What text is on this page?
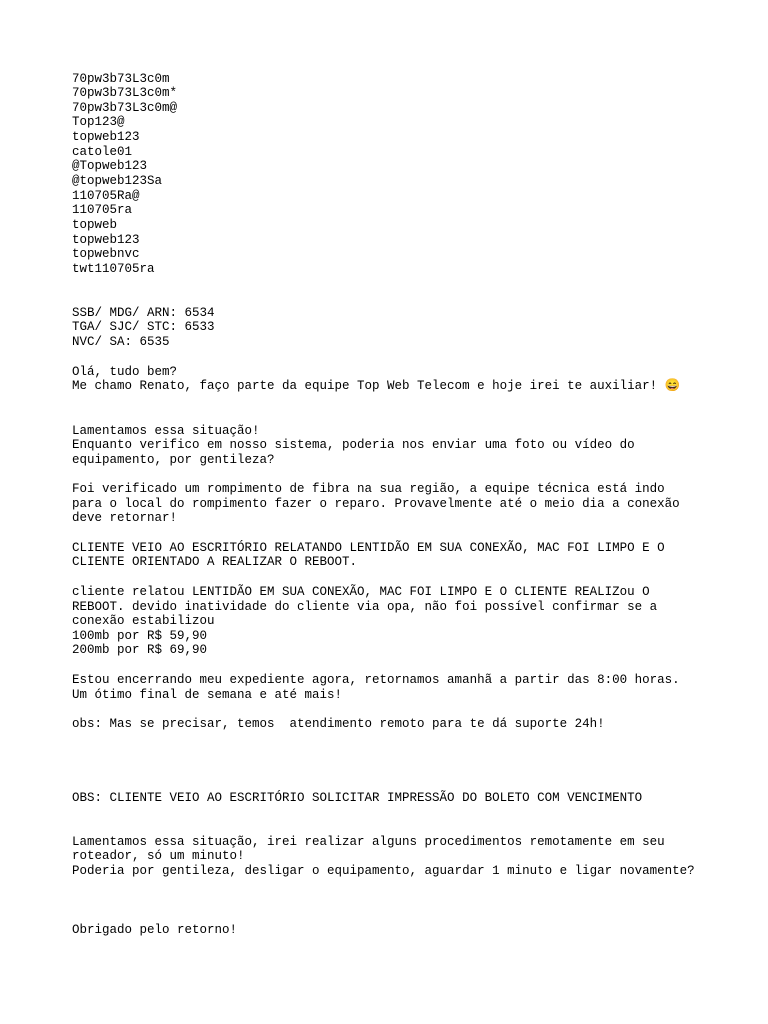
70pw3b73L3c0m

70pw3b73L3c0m*

70pw3b73L3c0m@

Top123@

topweb123

catole01

@Topweb123

@topweb123Sa

110705Ra@

110705ra

topweb

topweb123

topwebnvc

twt110705ra

SSB/ MDG/ ARN: 6534

TGA/ SJC/ STC: 6533

NVC/ SA: 6535

Olá, tudo bem?

Me chamo Renato, faço parte da equipe Top Web Telecom e hoje irei te auxiliar! 😄

Lamentamos essa situação!

Enquanto verifico em nosso sistema, poderia nos enviar uma foto ou vídeo do

equipamento, por gentileza?

Foi verificado um rompimento de fibra na sua região, a equipe técnica está indo

para o local do rompimento fazer o reparo. Provavelmente até o meio dia a conexão

deve retornar!

CLIENTE VEIO AO ESCRITÓRIO RELATANDO LENTIDÃO EM SUA CONEXÃO, MAC FOI LIMPO E O

CLIENTE ORIENTADO A REALIZAR O REBOOT.

cliente relatou LENTIDÃO EM SUA CONEXÃO, MAC FOI LIMPO E O CLIENTE REALIZou O

REBOOT. devido inatividade do cliente via opa, não foi possível confirmar se a

conexão estabilizou

100mb por R$ 59,90

200mb por R$ 69,90

Estou encerrando meu expediente agora, retornamos amanhã a partir das 8:00 horas.

Um ótimo final de semana e até mais!

obs: Mas se precisar, temos  atendimento remoto para te dá suporte 24h!

OBS: CLIENTE VEIO AO ESCRITÓRIO SOLICITAR IMPRESSÃO DO BOLETO COM VENCIMENTO

Lamentamos essa situação, irei realizar alguns procedimentos remotamente em seu

roteador, só um minuto!

Poderia por gentileza, desligar o equipamento, aguardar 1 minuto e ligar novamente?

Obrigado pelo retorno!
